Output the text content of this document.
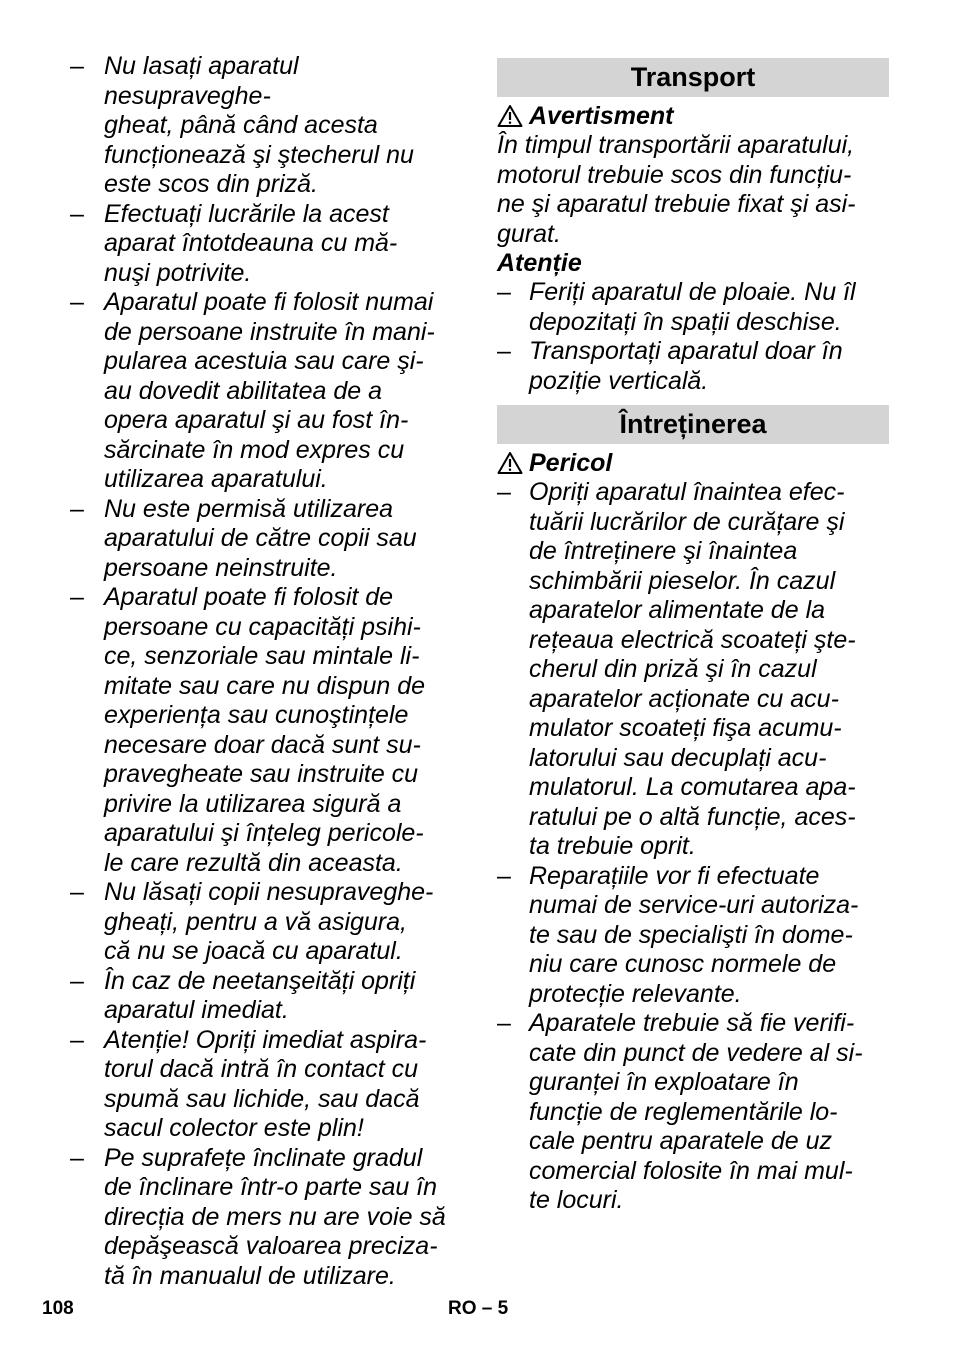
– Nu lasați aparatul nesupraveghe-
gheat, până când acesta
funcționează şi ştecherul nu
este scos din priză.
– Efectuați lucrările la acest
aparat întotdeauna cu mă-
nuşi potrivite.
– Aparatul poate fi folosit numai
de persoane instruite în mani-
pularea acestuia sau care şi-
au dovedit abilitatea de a
opera aparatul şi au fost în-
sărcinate în mod expres cu
utilizarea aparatului.
– Nu este permisă utilizarea
aparatului de către copii sau
persoane neinstruite.
– Aparatul poate fi folosit de
persoane cu capacități psihi-
ce, senzoriale sau mintale li-
mitate sau care nu dispun de
experiența sau cunoştințele
necesare doar dacă sunt su-
pravegheate sau instruite cu
privire la utilizarea sigură a
aparatului şi înțeleg pericole-
le care rezultă din aceasta.
– Nu lăsați copii nesupraveghe-
gheați, pentru a vă asigura,
că nu se joacă cu aparatul.
– În caz de neetanşeități opriți
aparatul imediat.
– Atenție! Opriți imediat aspira-
torul dacă intră în contact cu
spumă sau lichide, sau dacă
sacul colector este plin!
– Pe suprafețe înclinate gradul
de înclinare într-o parte sau în
direcția de mers nu are voie să
depăşească valoarea preciza-
tă în manualul de utilizare.
Transport
Avertisment
În timpul transportării aparatului,
motorul trebuie scos din funcțiu-
ne şi aparatul trebuie fixat şi asi-
gurat.
Atenție
– Feriți aparatul de ploaie. Nu îl
depozitați în spații deschise.
– Transportați aparatul doar în
poziție verticală.
Întreținerea
Pericol
– Opriți aparatul înaintea efec-
tuării lucrărilor de curățare şi
de întreținere şi înaintea
schimbării pieselor. În cazul
aparatelor alimentate de la
rețeaua electrică scoateți şte-
cherul din priză şi în cazul
aparatelor acționate cu acu-
mulator scoateți fişa acumu-
latorului sau decuplați acu-
mulatorul. La comutarea apa-
ratului pe o altă funcție, aces-
ta trebuie oprit.
– Reparațiile vor fi efectuate
numai de service-uri autoriza-
te sau de specialişti în dome-
niu care cunosc normele de
protecție relevante.
– Aparatele trebuie să fie verifi-
cate din punct de vedere al si-
guranței în exploatare în
funcție de reglementările lo-
cale pentru aparatele de uz
comercial folosite în mai mul-
te locuri.
108	RO – 5
